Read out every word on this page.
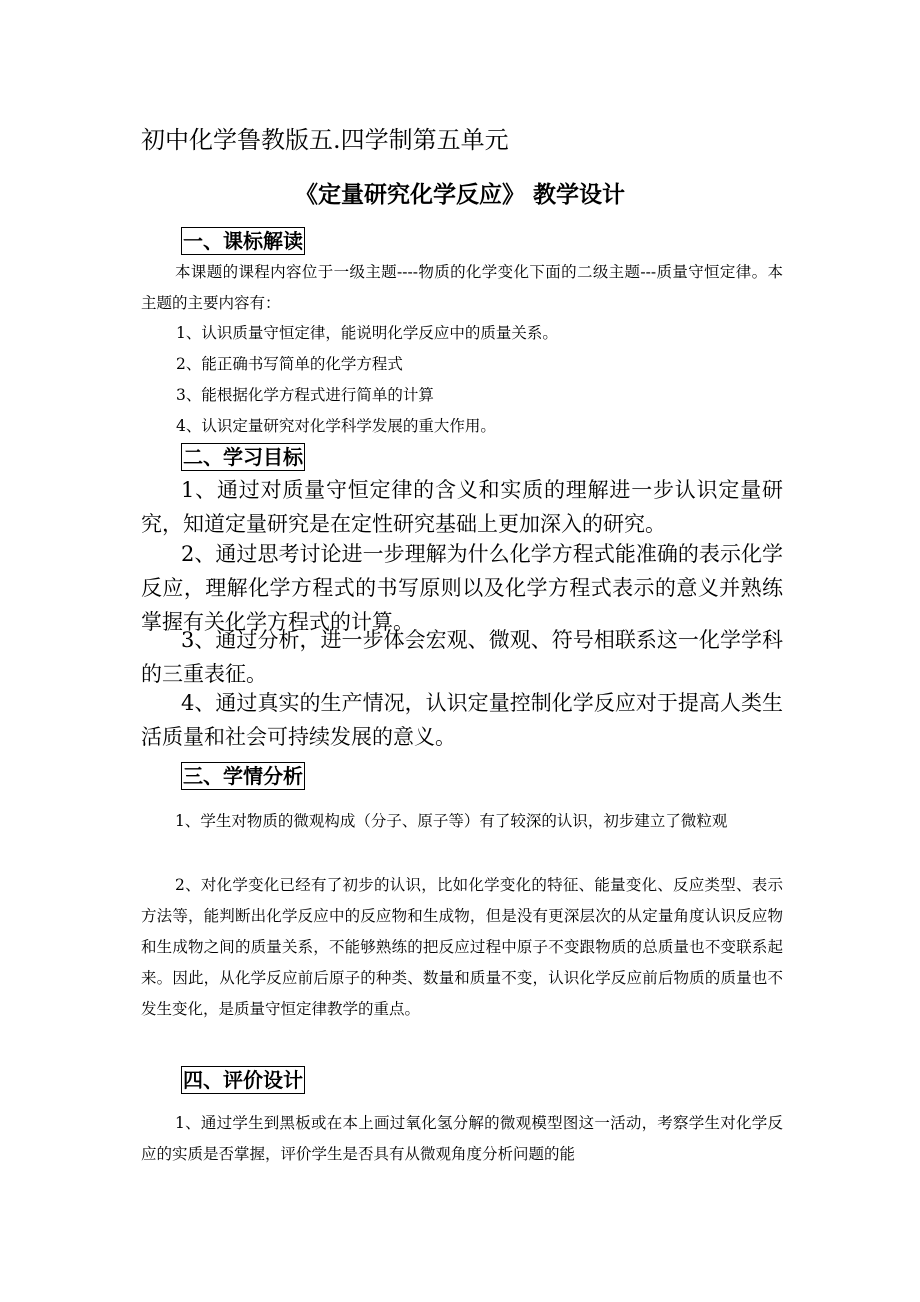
初中化学鲁教版五.四学制第五单元
《定量研究化学反应》 教学设计
一、课标解读

本课题的课程内容位于一级主题----物质的化学变化下面的二级主题---质量守恒定律。本主题的主要内容有：

1、认识质量守恒定律，能说明化学反应中的质量关系。

2、能正确书写简单的化学方程式

3、能根据化学方程式进行简单的计算

4、认识定量研究对化学科学发展的重大作用。

二、学习目标

1、通过对质量守恒定律的含义和实质的理解进一步认识定量研究，知道定量研究是在定性研究基础上更加深入的研究。

2、通过思考讨论进一步理解为什么化学方程式能准确的表示化学反应，理解化学方程式的书写原则以及化学方程式表示的意义并熟练掌握有关化学方程式的计算。

3、通过分析，进一步体会宏观、微观、符号相联系这一化学学科的三重表征。

4、通过真实的生产情况，认识定量控制化学反应对于提高人类生活质量和社会可持续发展的意义。

三、学情分析

1、学生对物质的微观构成（分子、原子等）有了较深的认识，初步建立了微粒观

2、对化学变化已经有了初步的认识，比如化学变化的特征、能量变化、反应类型、表示方法等，能判断出化学反应中的反应物和生成物，但是没有更深层次的从定量角度认识反应物和生成物之间的质量关系，不能够熟练的把反应过程中原子不变跟物质的总质量也不变联系起来。因此，从化学反应前后原子的种类、数量和质量不变，认识化学反应前后物质的质量也不发生变化，是质量守恒定律教学的重点。

四、评价设计

1、通过学生到黑板或在本上画过氧化氢分解的微观模型图这一活动，考察学生对化学反应的实质是否掌握，评价学生是否具有从微观角度分析问题的能
